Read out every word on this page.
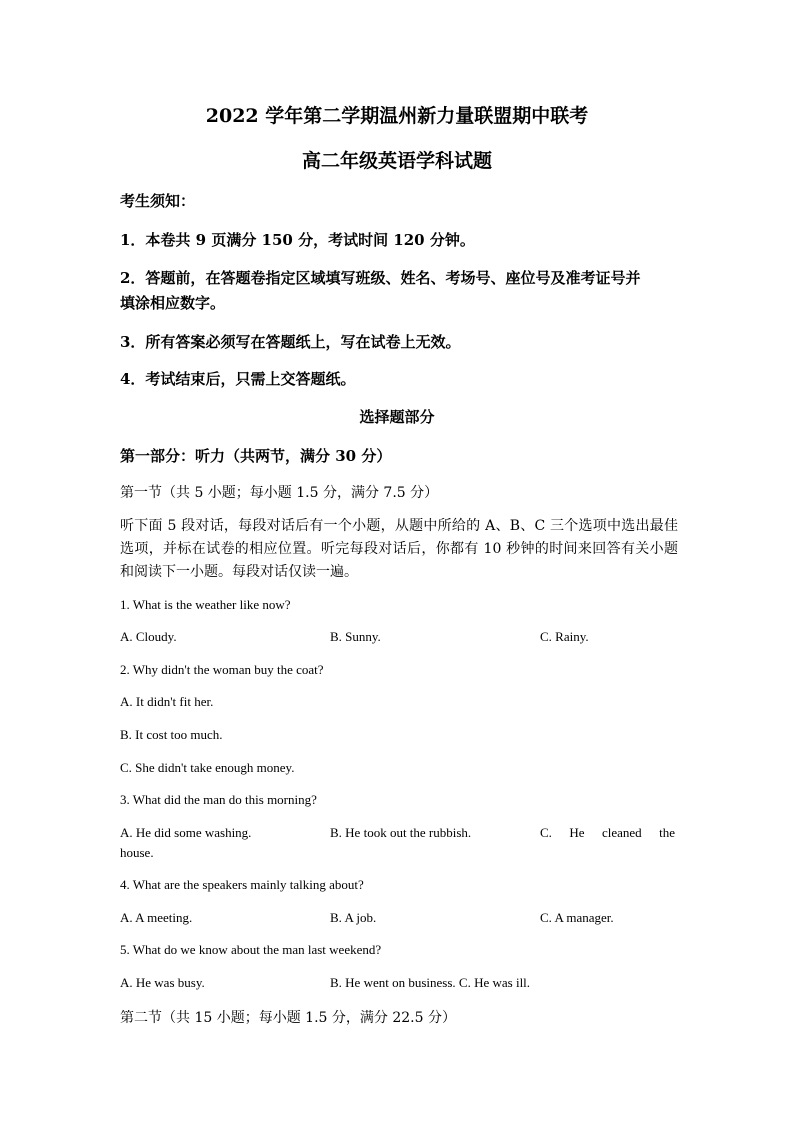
2022 学年第二学期温州新力量联盟期中联考
高二年级英语学科试题
考生须知：
1．本卷共 9 页满分 150 分，考试时间 120 分钟。
2．答题前，在答题卷指定区域填写班级、姓名、考场号、座位号及准考证号并
填涂相应数字。
3．所有答案必须写在答题纸上，写在试卷上无效。
4．考试结束后，只需上交答题纸。
选择题部分
第一部分：听力（共两节，满分 30 分）
第一节（共 5 小题；每小题 1.5 分，满分 7.5 分）
听下面 5 段对话，每段对话后有一个小题，从题中所给的 A、B、C 三个选项中选出最佳选项，并标在试卷的相应位置。听完每段对话后，你都有 10 秒钟的时间来回答有关小题和阅读下一小题。每段对话仅读一遍。
1. What is the weather like now?
A. Cloudy.	B. Sunny.	C. Rainy.
2. Why didn't the woman buy the coat?
A. It didn't fit her.
B. It cost too much.
C. She didn't take enough money.
3. What did the man do this morning?
A. He did some washing.	B. He took out the rubbish.	C. He cleaned the
house.
4. What are the speakers mainly talking about?
A. A meeting.	B. A job.	C. A manager.
5. What do we know about the man last weekend?
A. He was busy.	B. He went on business. C. He was ill.
第二节（共 15 小题；每小题 1.5 分，满分 22.5 分）
